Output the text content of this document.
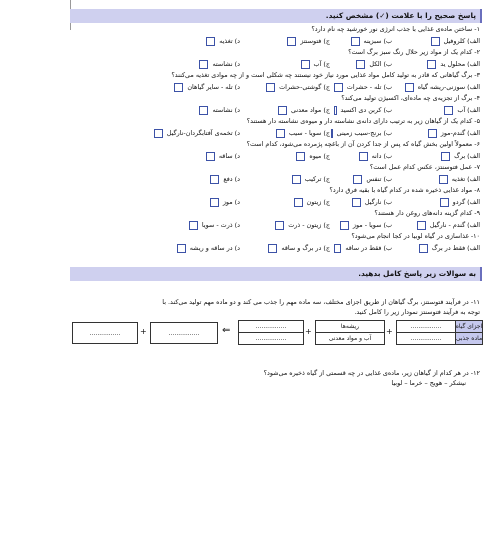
پاسخ صحیح را با علامت (✓) مشخص کنید.
۱- ساختن ماده‌ی غذایی با جذب انرژی نور خورشید چه نام دارد؟
الف) کلروفیل
ب) سبزینه
ج) فتوسنتز
د) تغذیه
۲- کدام یک از مواد زیر حلال رنگ سبز برگ است؟
الف) محلول ید
ب) الکل
ج) آب
د) نشاسته
۳- برگ گیاهانی که قادر به تولید کامل مواد غذایی مورد نیاز خود نیستند چه شکلی است و از چه موادی تغذیه می‌کنند؟
الف) سوزنی-ریشه گیاه
ب) تله - حشرات
ج) گوشتی-حشرات
د) تله - سایر گیاهان
۴- برگ از تجزیه‌ی چه ماده‌ای، اکسیژن تولید می‌کند؟
الف) آب
ب) کربن دی اکسید
ج) مواد معدنی
د) نشاسته
۵- کدام یک از گیاهان زیر به ترتیب دارای دانه‌ی نشاسته دار و میوه‌ی نشاسته دار هستند؟
الف) گندم-موز
ب) برنج-سیب زمینی
ج) سویا - سیب
د) تخمه‌ی آفتابگردان-نارگیل
۶- معمولاً اولین بخش گیاه که پس از جدا کردن آن از باغچه پژمرده می‌شود، کدام است؟
الف) برگ
ب) دانه
ج) میوه
د) ساقه
۷- عمل فتوسنتز، عکس کدام عمل است؟
الف) تغذیه
ب) تنفس
ج) ترکیب
د) دفع
۸- مواد غذایی ذخیره شده در کدام گیاه با بقیه فرق دارد؟
الف) گردو
ب) نارگیل
ج) زیتون
د) موز
۹- کدام گزینه دانه‌های روغن دار هستند؟
الف) گندم - نارگیل
ب) سویا - موز
ج) زیتون - ذرت
د) ذرت - سویا
۱۰- غذاسازی در گیاه لوبیا در کجا انجام می‌شود؟
الف) فقط در برگ
ب) فقط در ساقه
ج) در برگ و ساقه
د) در ساقه و ریشه
به سوالات زیر پاسخ کامل بدهید.
۱۱- در فرآیند فتوسنتز، برگ گیاهان از طریق اجزای مختلف، سه ماده مهم را جذب می کند و دو ماده مهم تولید می‌کند. با
توجه به فرآیند فتوسنتز نمودار زیر را کامل کنید.
................	+	................	⇐	................
................
+
ریشه‌ها
آب و مواد معدنی
+
................
................
اجزای گیاه
ماده جذبی
۱۲- در هر کدام از گیاهان زیر، ماده‌ی غذایی در چه قسمتی از گیاه ذخیره می‌شود؟
نیشکر – هویج – خرما – لوبیا
